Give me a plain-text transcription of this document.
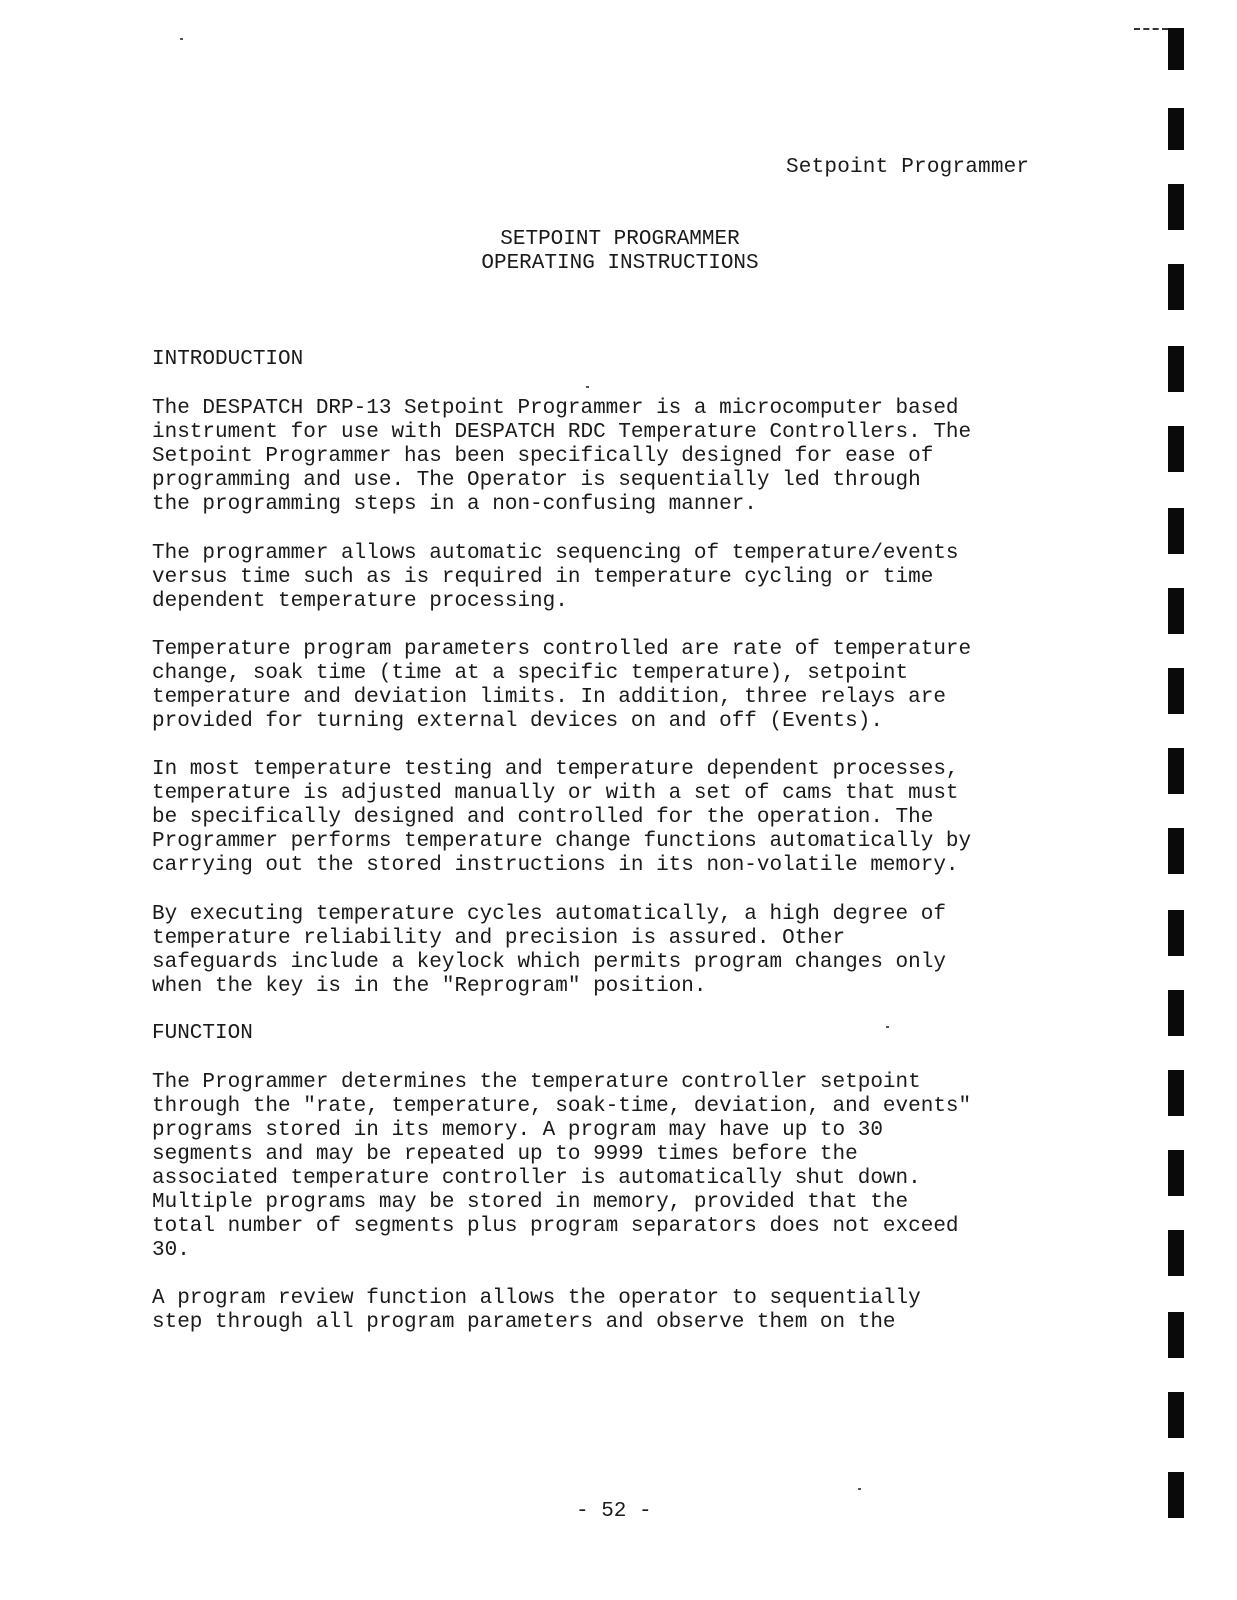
Setpoint Programmer
SETPOINT PROGRAMMER
OPERATING INSTRUCTIONS
INTRODUCTION
The DESPATCH DRP-13 Setpoint Programmer is a microcomputer based
instrument for use with DESPATCH RDC Temperature Controllers. The
Setpoint Programmer has been specifically designed for ease of
programming and use. The Operator is sequentially led through
the programming steps in a non-confusing manner.
The programmer allows automatic sequencing of temperature/events
versus time such as is required in temperature cycling or time
dependent temperature processing.
Temperature program parameters controlled are rate of temperature
change, soak time (time at a specific temperature), setpoint
temperature and deviation limits. In addition, three relays are
provided for turning external devices on and off (Events).
In most temperature testing and temperature dependent processes,
temperature is adjusted manually or with a set of cams that must
be specifically designed and controlled for the operation. The
Programmer performs temperature change functions automatically by
carrying out the stored instructions in its non-volatile memory.
By executing temperature cycles automatically, a high degree of
temperature reliability and precision is assured. Other
safeguards include a keylock which permits program changes only
when the key is in the "Reprogram" position.
FUNCTION
The Programmer determines the temperature controller setpoint
through the "rate, temperature, soak-time, deviation, and events"
programs stored in its memory. A program may have up to 30
segments and may be repeated up to 9999 times before the
associated temperature controller is automatically shut down.
Multiple programs may be stored in memory, provided that the
total number of segments plus program separators does not exceed
30.
A program review function allows the operator to sequentially
step through all program parameters and observe them on the
- 52 -
